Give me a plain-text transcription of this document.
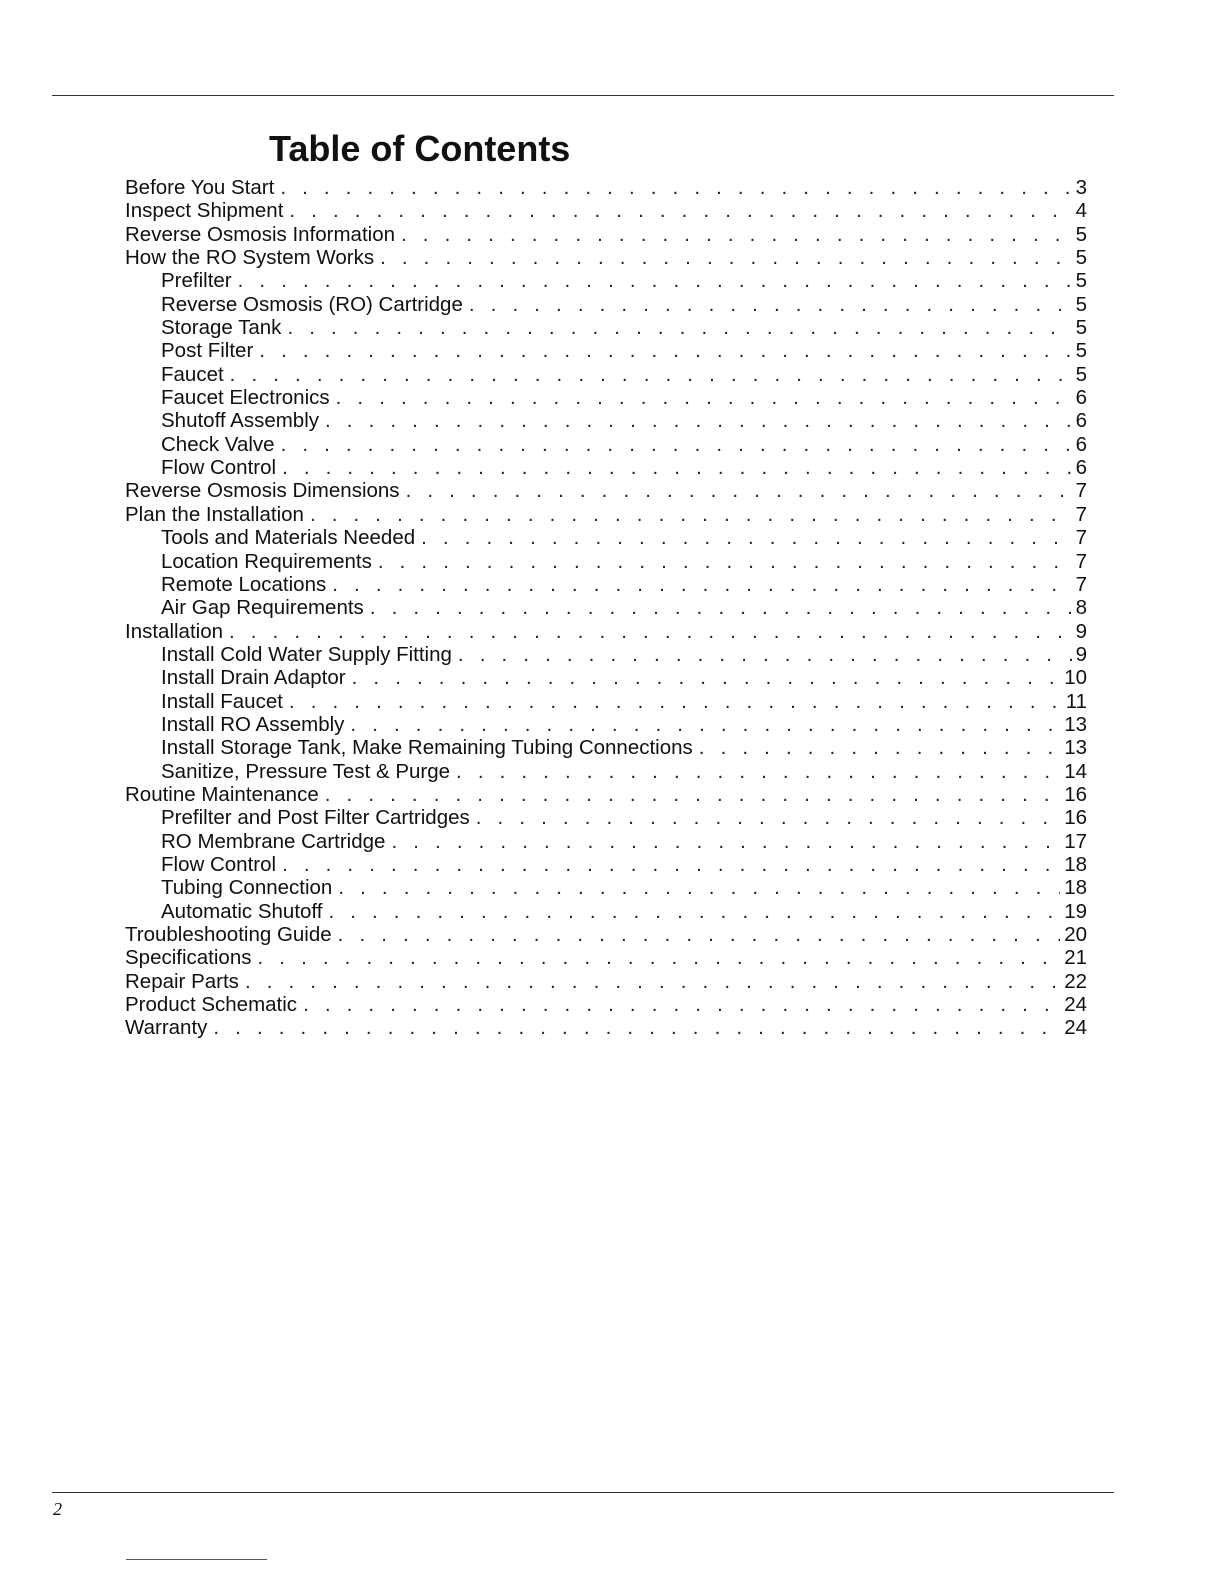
Table of Contents
Before You Start . . .	3
Inspect Shipment . . .	4
Reverse Osmosis Information . . .	5
How the RO System Works . . .	5
Prefilter . . .	5
Reverse Osmosis (RO) Cartridge . . .	5
Storage Tank . . .	5
Post Filter . . .	5
Faucet . . .	5
Faucet Electronics . . .	6
Shutoff Assembly . . .	6
Check Valve . . .	6
Flow Control . . .	6
Reverse Osmosis Dimensions . . .	7
Plan the Installation . . .	7
Tools and Materials Needed . . .	7
Location Requirements . . .	7
Remote Locations . . .	7
Air Gap Requirements . . .	8
Installation . . .	9
Install Cold Water Supply Fitting . . .	9
Install Drain Adaptor . . .	10
Install Faucet . . .	11
Install RO Assembly . . .	13
Install Storage Tank, Make Remaining Tubing Connections . . .	13
Sanitize, Pressure Test & Purge . . .	14
Routine Maintenance . . .	16
Prefilter and Post Filter Cartridges . . .	16
RO Membrane Cartridge . . .	17
Flow Control . . .	18
Tubing Connection . . .	18
Automatic Shutoff . . .	19
Troubleshooting Guide . . .	20
Specifications . . .	21
Repair Parts . . .	22
Product Schematic . . .	24
Warranty . . .	24
2
